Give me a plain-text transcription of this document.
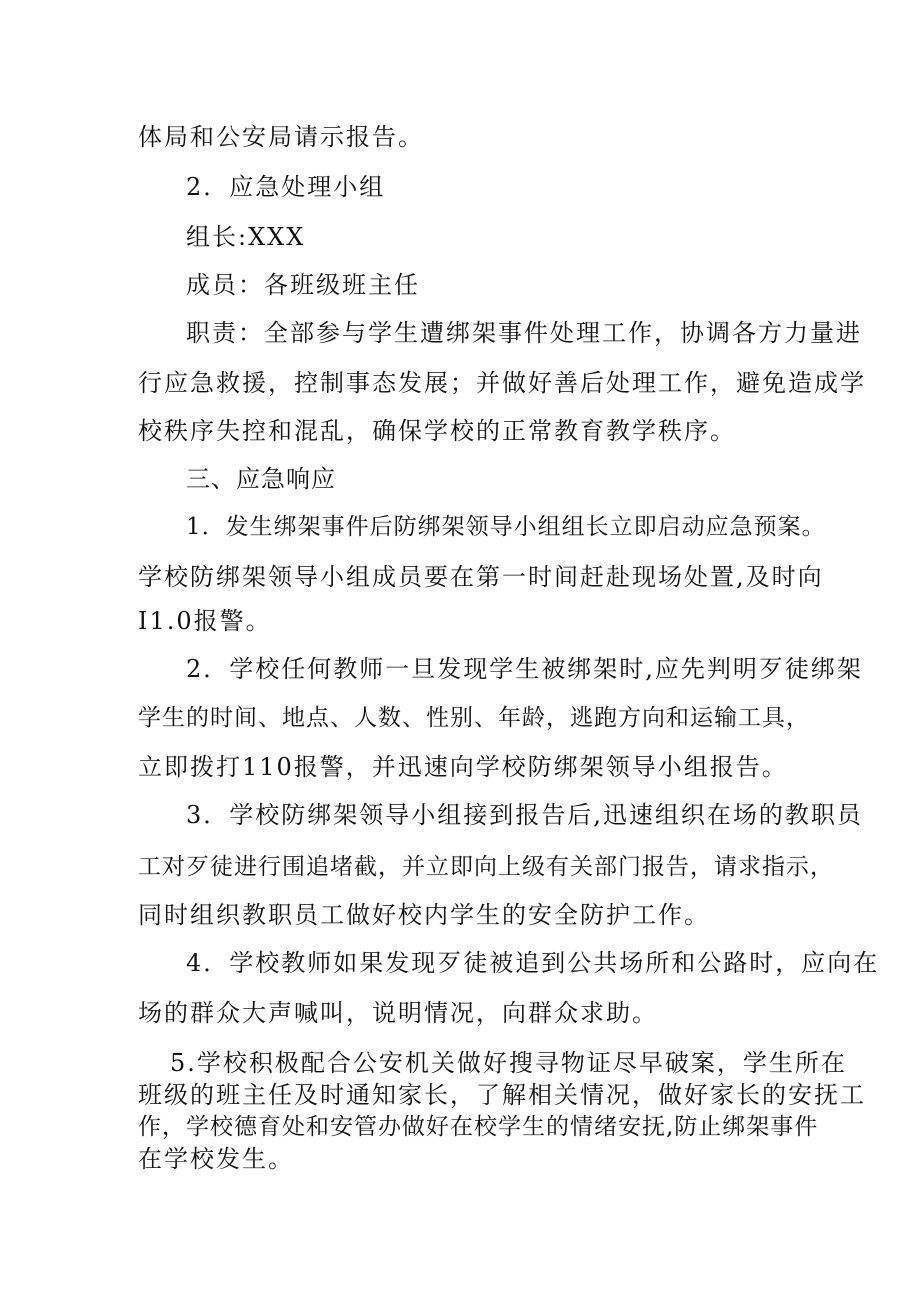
体局和公安局请示报告。
2．应急处理小组
组长:XXX
成员：各班级班主任
职责：全部参与学生遭绑架事件处理工作，协调各方力量进
行应急救援，控制事态发展；并做好善后处理工作，避免造成学
校秩序失控和混乱，确保学校的正常教育教学秩序。
三、应急响应
1．发生绑架事件后防绑架领导小组组长立即启动应急预案。
学校防绑架领导小组成员要在第一时间赶赴现场处置,及时向
I1.0报警。
2．学校任何教师一旦发现学生被绑架时,应先判明歹徒绑架
学生的时间、地点、人数、性别、年龄，逃跑方向和运输工具，
立即拨打110报警，并迅速向学校防绑架领导小组报告。
3．学校防绑架领导小组接到报告后,迅速组织在场的教职员
工对歹徒进行围追堵截，并立即向上级有关部门报告，请求指示，
同时组织教职员工做好校内学生的安全防护工作。
4．学校教师如果发现歹徒被追到公共场所和公路时，应向在
场的群众大声喊叫，说明情况，向群众求助。
5.学校积极配合公安机关做好搜寻物证尽早破案，学生所在
班级的班主任及时通知家长，了解相关情况，做好家长的安抚工
作，学校德育处和安管办做好在校学生的情绪安抚,防止绑架事件
在学校发生。
